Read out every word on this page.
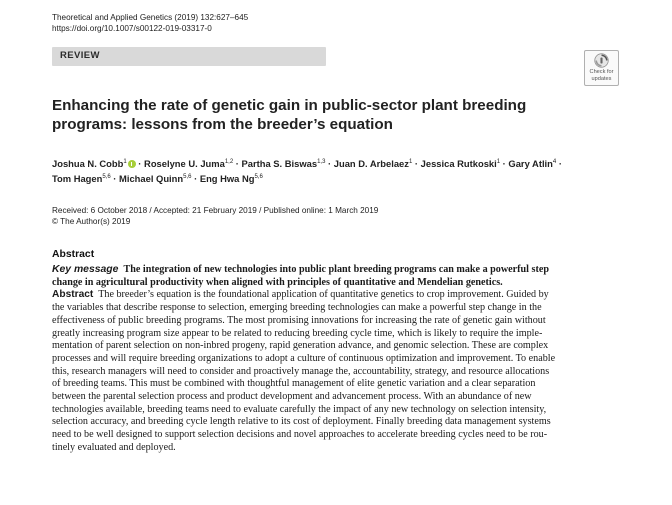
Theoretical and Applied Genetics (2019) 132:627–645
https://doi.org/10.1007/s00122-019-03317-0
REVIEW
Check for
updates
Enhancing the rate of genetic gain in public-sector plant breeding
programs: lessons from the breeder’s equation
Joshua N. Cobb$^1$ · Roselyne U. Juma$^{1,2}$ · Partha S. Biswas$^{1,3}$ · Juan D. Arbelaez$^1$ · Jessica Rutkoski$^1$ · Gary Atlin$^4$ ·
Tom Hagen$^{5,6}$ · Michael Quinn$^{5,6}$ · Eng Hwa Ng$^{5,6}$
Received: 6 October 2018 / Accepted: 21 February 2019 / Published online: 1 March 2019
© The Author(s) 2019
Abstract
Key message The integration of new technologies into public plant breeding programs can make a powerful step
change in agricultural productivity when aligned with principles of quantitative and Mendelian genetics.
Abstract The breeder’s equation is the foundational application of quantitative genetics to crop improvement. Guided by
the variables that describe response to selection, emerging breeding technologies can make a powerful step change in the
effectiveness of public breeding programs. The most promising innovations for increasing the rate of genetic gain without
greatly increasing program size appear to be related to reducing breeding cycle time, which is likely to require the imple-
mentation of parent selection on non-inbred progeny, rapid generation advance, and genomic selection. These are complex
processes and will require breeding organizations to adopt a culture of continuous optimization and improvement. To enable
this, research managers will need to consider and proactively manage the, accountability, strategy, and resource allocations
of breeding teams. This must be combined with thoughtful management of elite genetic variation and a clear separation
between the parental selection process and product development and advancement process. With an abundance of new
technologies available, breeding teams need to evaluate carefully the impact of any new technology on selection intensity,
selection accuracy, and breeding cycle length relative to its cost of deployment. Finally breeding data management systems
need to be well designed to support selection decisions and novel approaches to accelerate breeding cycles need to be rou-
tinely evaluated and deployed.
